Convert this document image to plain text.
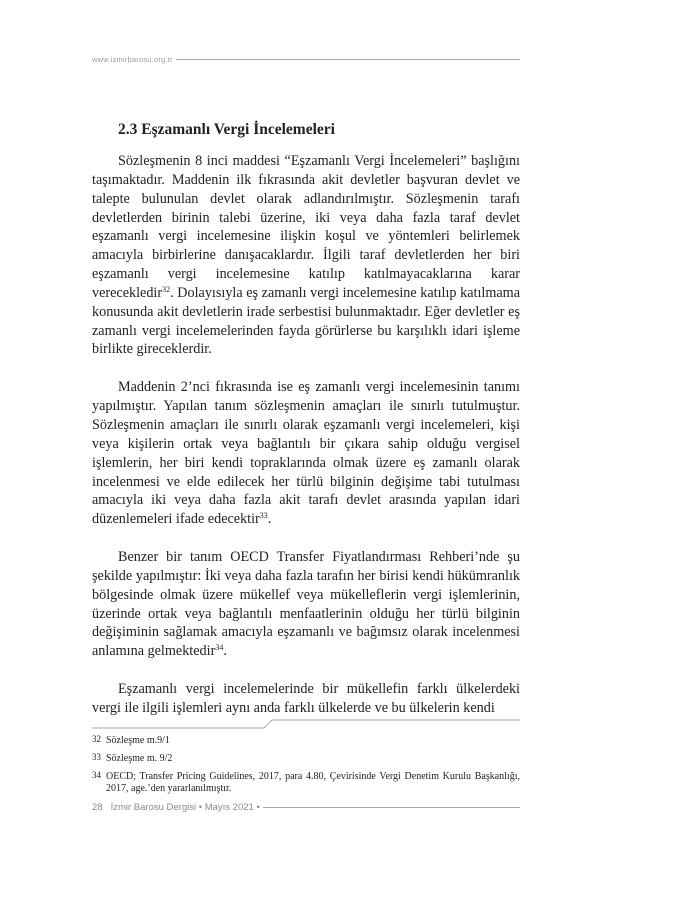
www.izmirbarosu.org.tr
2.3 Eşzamanlı Vergi İncelemeleri

Sözleşmenin 8 inci maddesi “Eşzamanlı Vergi İncelemeleri” başlığını taşımaktadır. Maddenin ilk fıkrasında akit devletler başvuran devlet ve talepte bulunulan devlet olarak adlandırılmıştır. Sözleşmenin tarafı devletlerden birinin talebi üzerine, iki veya daha fazla taraf devlet eşzamanlı vergi incelemesine ilişkin koşul ve yöntemleri belirlemek amacıyla birbirlerine danışacaklardır. İlgili taraf devletlerden her biri eşzamanlı vergi incelemesine katılıp katılmayacaklarına karar verecekledir$^{32}$. Dolayısıyla eş zamanlı vergi incelemesine katılıp katılmama konusunda akit devletlerin irade serbestisi bulunmaktadır. Eğer devletler eş zamanlı vergi incelemelerinden fayda görürlerse bu karşılıklı idari işleme birlikte gireceklerdir.

Maddenin 2’nci fıkrasında ise eş zamanlı vergi incelemesinin tanımı yapılmıştır. Yapılan tanım sözleşmenin amaçları ile sınırlı tutulmuştur. Sözleşmenin amaçları ile sınırlı olarak eşzamanlı vergi incelemeleri, kişi veya kişilerin ortak veya bağlantılı bir çıkara sahip olduğu vergisel işlemlerin, her biri kendi topraklarında olmak üzere eş zamanlı olarak incelenmesi ve elde edilecek her türlü bilginin değişime tabi tutulması amacıyla iki veya daha fazla akit tarafı devlet arasında yapılan idari düzenlemeleri ifade edecektir$^{33}$.

Benzer bir tanım OECD Transfer Fiyatlandırması Rehberi’nde şu şekilde yapılmıştır: İki veya daha fazla tarafın her birisi kendi hükümranlık bölgesinde olmak üzere mükellef veya mükelleflerin vergi işlemlerinin, üzerinde ortak veya bağlantılı menfaatlerinin olduğu her türlü bilginin değişiminin sağlamak amacıyla eşzamanlı ve bağımsız olarak incelenmesi anlamına gelmektedir$^{34}$.

Eşzamanlı vergi incelemelerinde bir mükellefin farklı ülkelerdeki vergi ile ilgili işlemleri aynı anda farklı ülkelerde ve bu ülkelerin kendi

32 Sözleşme m.9/1
33 Sözleşme m. 9/2
34 OECD; Transfer Pricing Guidelines, 2017, para 4.80, Çevirisinde Vergi Denetim Kurulu Başkanlığı, 2017, age.’den yararlanılmıştır.
28 İzmir Barosu Dergisi • Mayıs 2021 •
